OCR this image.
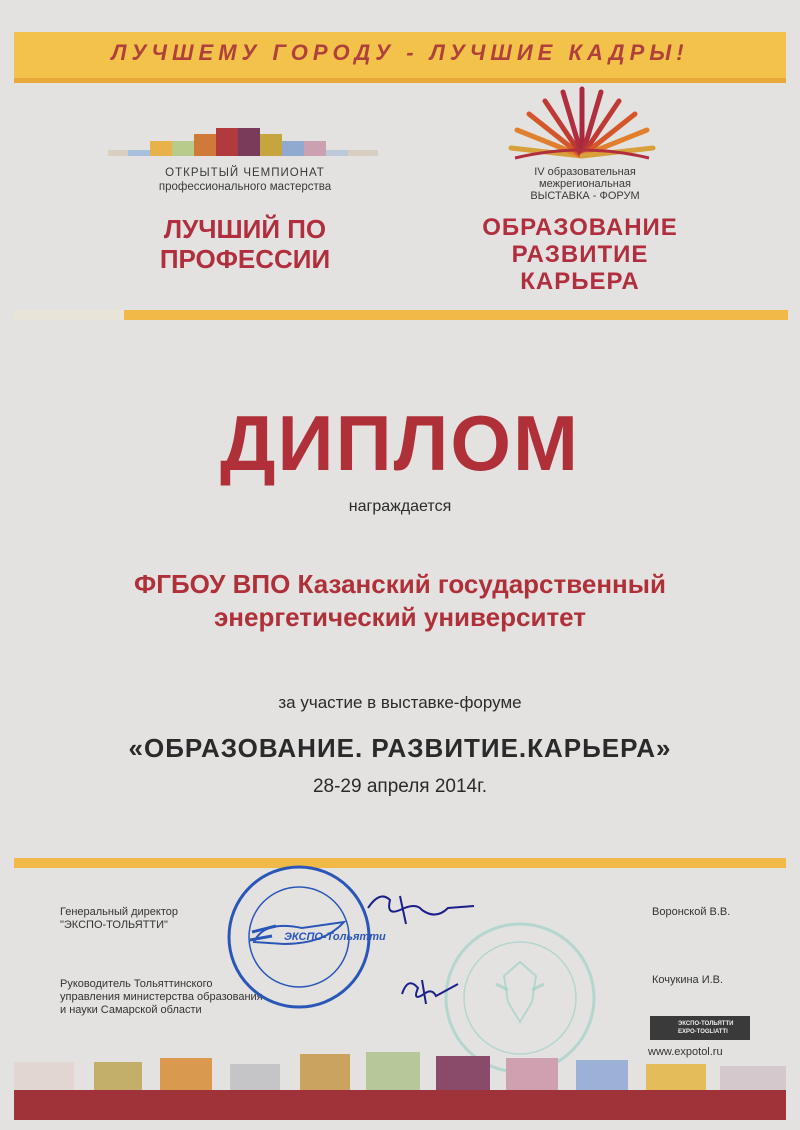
ЛУЧШЕМУ ГОРОДУ - ЛУЧШИЕ КАДРЫ!
ОТКРЫТЫЙ ЧЕМПИОНАТ
профессионального мастерства
ЛУЧШИЙ ПО
ПРОФЕССИИ
IV образовательная
межрегиональная
ВЫСТАВКА - ФОРУМ
ОБРАЗОВАНИЕ
РАЗВИТИЕ
КАРЬЕРА
ДИПЛОМ
награждается
ФГБОУ ВПО Казанский государственный
энергетический университет
за участие в выставке-форуме
«ОБРАЗОВАНИЕ. РАЗВИТИЕ.КАРЬЕРА»
28-29 апреля 2014г.
Генеральный директор
"ЭКСПО-ТОЛЬЯТТИ"
Воронской В.В.
Руководитель Тольяттинского
управления министерства образования
и науки Самарской области
Кочукина И.В.
ЭКСПО-Тольятти
ЭКСПО-ТОЛЬЯТТИ
EXPO-TOGLIATTI
www.expotol.ru
